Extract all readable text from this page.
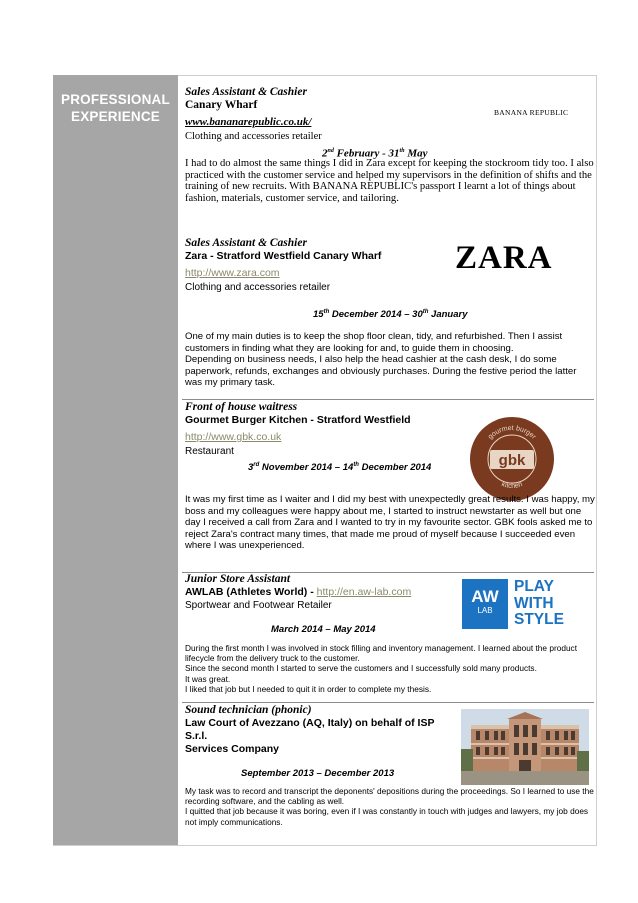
PROFESSIONAL
EXPERIENCE
Sales Assistant & Cashier
Canary Wharf
www.bananarepublic.co.uk/
Clothing and accessories retailer
BANANA REPUBLIC
2nd February - 31th May

I had to do almost the same things I did in Zara except for keeping the stockroom tidy too. I also practiced with the customer service and helped my supervisors in the definition of shifts and the training of new recruits. With BANANA REPUBLIC's passport I learnt a lot of things about fashion, materials, customer service, and tailoring.

Sales Assistant & Cashier
Zara - Stratford Westfield Canary Wharf
http://www.zara.com
Clothing and accessories retailer
ZARA
15th December 2014 – 30th January

One of my main duties is to keep the shop floor clean, tidy, and refurbished. Then I assist customers in finding what they are looking for and, to guide them in choosing.

Depending on business needs, I also help the head cashier at the cash desk, I do some paperwork, refunds, exchanges and obviously purchases. During the festive period the latter was my primary task.

Front of house waitress
Gourmet Burger Kitchen - Stratford Westfield
http://www.gbk.co.uk
Restaurant
gbk
gourmet burger
kitchen
3rd November 2014 – 14th December 2014

It was my first time as I waiter and I did my best with unexpectedly great results. I was happy, my boss and my colleagues were happy about me, I started to instruct newstarter as well but one day I received a call from Zara and I wanted to try in my favourite sector. GBK fools asked me to reject Zara's contract many times, that made me proud of myself because I succeeded even where I was unexperienced.

Junior Store Assistant
AWLAB (Athletes World) - http://en.aw-lab.com
Sportwear and Footwear Retailer	AW
LAB
PLAY
WITH
STYLE
March 2014 – May 2014

During the first month I was involved in stock filling and inventory management. I learned about the product lifecycle from the delivery truck to the customer.

Since the second month I started to serve the customers and I successfully sold many products.

It was great.

I liked that job but I needed to quit it in order to complete my thesis.

Sound technician (phonic)
Law Court of Avezzano (AQ, Italy) on behalf of ISP
S.r.l.
Services Company
September 2013 – December 2013

My task was to record and transcript the deponents' depositions during the proceedings. So I learned to use the recording software, and the cabling as well.

I quitted that job because it was boring, even if I was constantly in touch with judges and lawyers, my job does not imply communications.
